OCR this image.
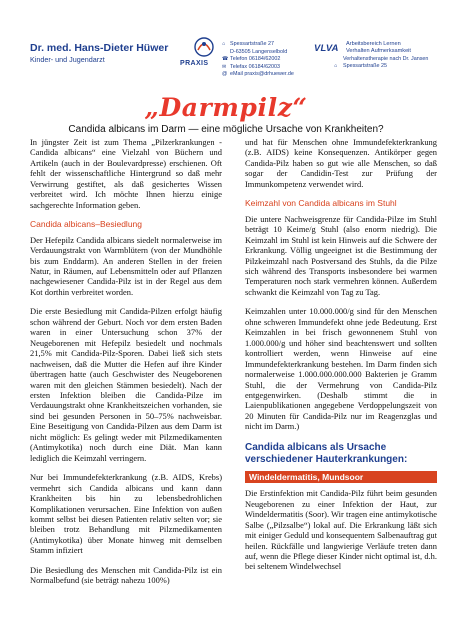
Dr. med. Hans-Dieter Hüwer
Kinder- und Jugendarzt	PRAXIS
⌂ Spessartstraße 27
D-63505 Langenselbold
☎ Telefon 06184/62002
✉ Telefax 06184/62003
@ eMail praxis@drhuewer.de
VLVA Arbeitsbereich Lernen
Verhalten Aufmerksamkeit
Verhaltenstherapie nach Dr. Jansen
⌂	Spessartstraße 25
„Darmpilz“
Candida albicans im Darm — eine mögliche Ursache von Krankheiten?

In jüngster Zeit ist zum Thema „Pilzerkrankungen - Candida albicans“ eine Vielzahl von Büchern und Artikeln (auch in der Boulevardpresse) erschienen. Oft fehlt der wissenschaftliche Hintergrund so daß mehr Verwirrung gestiftet, als daß gesichertes Wissen verbreitet wird. Ich möchte Ihnen hierzu einige sachgerechte Information geben.

Candida albicans–Besiedlung

Der Hefepilz Candida albicans siedelt normalerweise im Verdauungstrakt von Warmblütern (von der Mundhöhle bis zum Enddarm). An anderen Stellen in der freien Natur, in Räumen, auf Lebensmitteln oder auf Pflanzen nachgewiesener Candida-Pilz ist in der Regel aus dem Kot dorthin verbreitet worden.

Die erste Besiedlung mit Candida-Pilzen erfolgt häufig schon während der Geburt. Noch vor dem ersten Baden waren in einer Untersuchung schon 37% der Neugeborenen mit Hefepilz besiedelt und nochmals 21,5% mit Candida-Pilz-Sporen. Dabei ließ sich stets nachweisen, daß die Mutter die Hefen auf ihre Kinder übertragen hatte (auch Geschwister des Neugeborenen waren mit den gleichen Stämmen besiedelt). Nach der ersten Infektion bleiben die Candida-Pilze im Verdauungstrakt ohne Krankheitszeichen vorhanden, sie sind bei gesunden Personen in 50–75% nachweisbar. Eine Beseitigung von Candida-Pilzen aus dem Darm ist nicht möglich: Es gelingt weder mit Pilzmedikamenten (Antimykotika) noch durch eine Diät. Man kann lediglich die Keimzahl verringern.

Nur bei Immundefekterkrankung (z.B. AIDS, Krebs) vermehrt sich Candida albicans und kann dann Krankheiten bis hin zu lebensbedrohlichen Komplikationen verursachen. Eine Infektion von außen kommt selbst bei diesen Patienten relativ selten vor; sie bleiben trotz Behandlung mit Pilzmedikamenten (Antimykotika) über Monate hinweg mit demselben Stamm infiziert

Die Besiedlung des Menschen mit Candida-Pilz ist ein Normalbefund (sie beträgt nahezu 100%)

und hat für Menschen ohne Immundefekterkrankung (z.B. AIDS) keine Konsequenzen. Antikörper gegen Candida-Pilz haben so gut wie alle Menschen, so daß sogar der Candidin-Test zur Prüfung der Immunkompetenz verwendet wird.

Keimzahl von Candida albicans im Stuhl

Die untere Nachweisgrenze für Candida-Pilze im Stuhl beträgt 10 Keime/g Stuhl (also enorm niedrig). Die Keimzahl im Stuhl ist kein Hinweis auf die Schwere der Erkrankung. Völlig ungeeignet ist die Bestimmung der Pilzkeimzahl nach Postversand des Stuhls, da die Pilze sich während des Transports insbesondere bei warmen Temperaturen noch stark vermehren können. Außerdem schwankt die Keimzahl von Tag zu Tag.

Keimzahlen unter 10.000.000/g sind für den Menschen ohne schweren Immundefekt ohne jede Bedeutung. Erst Keimzahlen in bei frisch gewonnenem Stuhl von 1.000.000/g und höher sind beachtenswert und sollten kontrolliert werden, wenn Hinweise auf eine Immundefekterkrankung bestehen. Im Darm finden sich normalerweise 1.000.000.000.000 Bakterien je Gramm Stuhl, die der Vermehrung von Candida-Pilz entgegenwirken. (Deshalb stimmt die in Laienpublikationen angegebene Verdoppelungszeit von 20 Minuten für Candida-Pilz nur im Reagenzglas und nicht im Darm.)

Candida albicans als Ursache verschiedener Hauterkrankungen:
Windeldermatitis, Mundsoor

Die Erstinfektion mit Candida-Pilz führt beim gesunden Neugeborenen zu einer Infektion der Haut, zur Windeldermatitis (Soor). Wir tragen eine antimykotische Salbe („Pilzsalbe“) lokal auf. Die Erkrankung läßt sich mit einiger Geduld und konsequentem Salbenauftrag gut heilen. Rückfälle und langwierige Verläufe treten dann auf, wenn die Pflege dieser Kinder nicht optimal ist, d.h. bei seltenem Windelwechsel
